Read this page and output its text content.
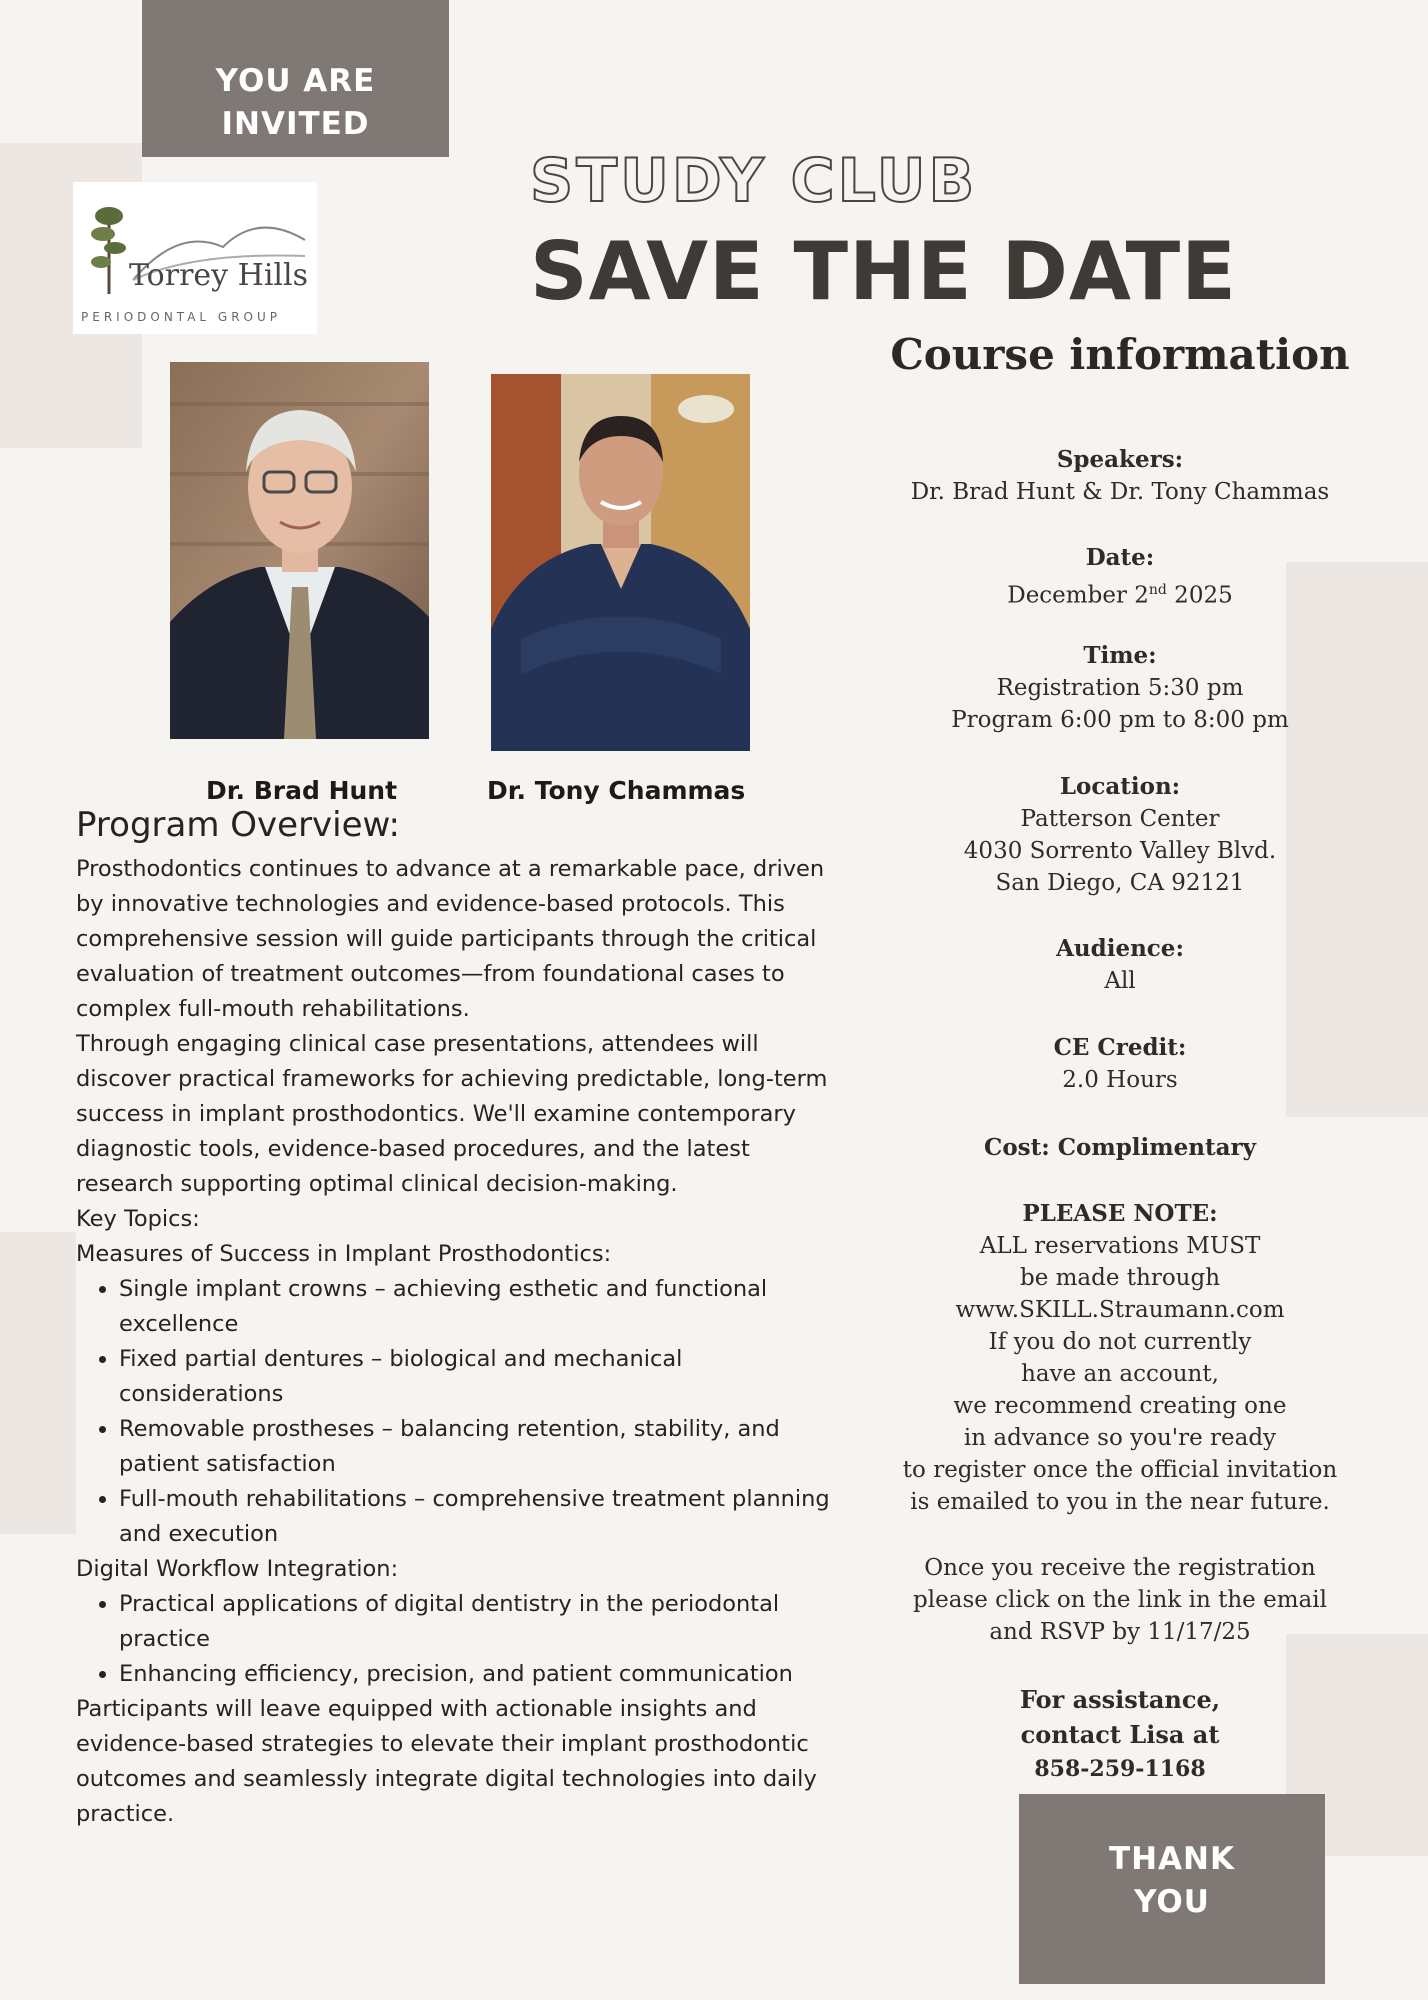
YOU ARE
INVITED
Torrey Hills
PERIODONTAL GROUP
STUDY CLUB
SAVE THE DATE
Course information
Dr. Brad Hunt	Dr. Tony Chammas
Speakers:
Dr. Brad Hunt & Dr. Tony Chammas
Date:
December 2nd 2025
Time:
Registration 5:30 pm
Program 6:00 pm to 8:00 pm
Location:
Patterson Center
4030 Sorrento Valley Blvd.
San Diego, CA 92121
Audience:
All
CE Credit:
2.0 Hours
Cost: Complimentary
PLEASE NOTE:
ALL reservations MUST
be made through
www.SKILL.Straumann.com
If you do not currently
have an account,
we recommend creating one
in advance so you're ready
to register once the official invitation
is emailed to you in the near future.
Once you receive the registration
please click on the link in the email
and RSVP by 11/17/25
For assistance,
contact Lisa at
858-259-1168
Program Overview:

Prosthodontics continues to advance at a remarkable pace, driven by innovative technologies and evidence-based protocols. This comprehensive session will guide participants through the critical evaluation of treatment outcomes—from foundational cases to complex full-mouth rehabilitations.

Through engaging clinical case presentations, attendees will discover practical frameworks for achieving predictable, long-term success in implant prosthodontics. We'll examine contemporary diagnostic tools, evidence-based procedures, and the latest research supporting optimal clinical decision-making.

Key Topics:

Measures of Success in Implant Prosthodontics:

• Single implant crowns – achieving esthetic and functional excellence
• Fixed partial dentures – biological and mechanical considerations
• Removable prostheses – balancing retention, stability, and patient satisfaction
• Full-mouth rehabilitations – comprehensive treatment planning and execution

Digital Workflow Integration:

• Practical applications of digital dentistry in the periodontal practice
• Enhancing efficiency, precision, and patient communication

Participants will leave equipped with actionable insights and evidence-based strategies to elevate their implant prosthodontic outcomes and seamlessly integrate digital technologies into daily practice.

THANK
YOU
